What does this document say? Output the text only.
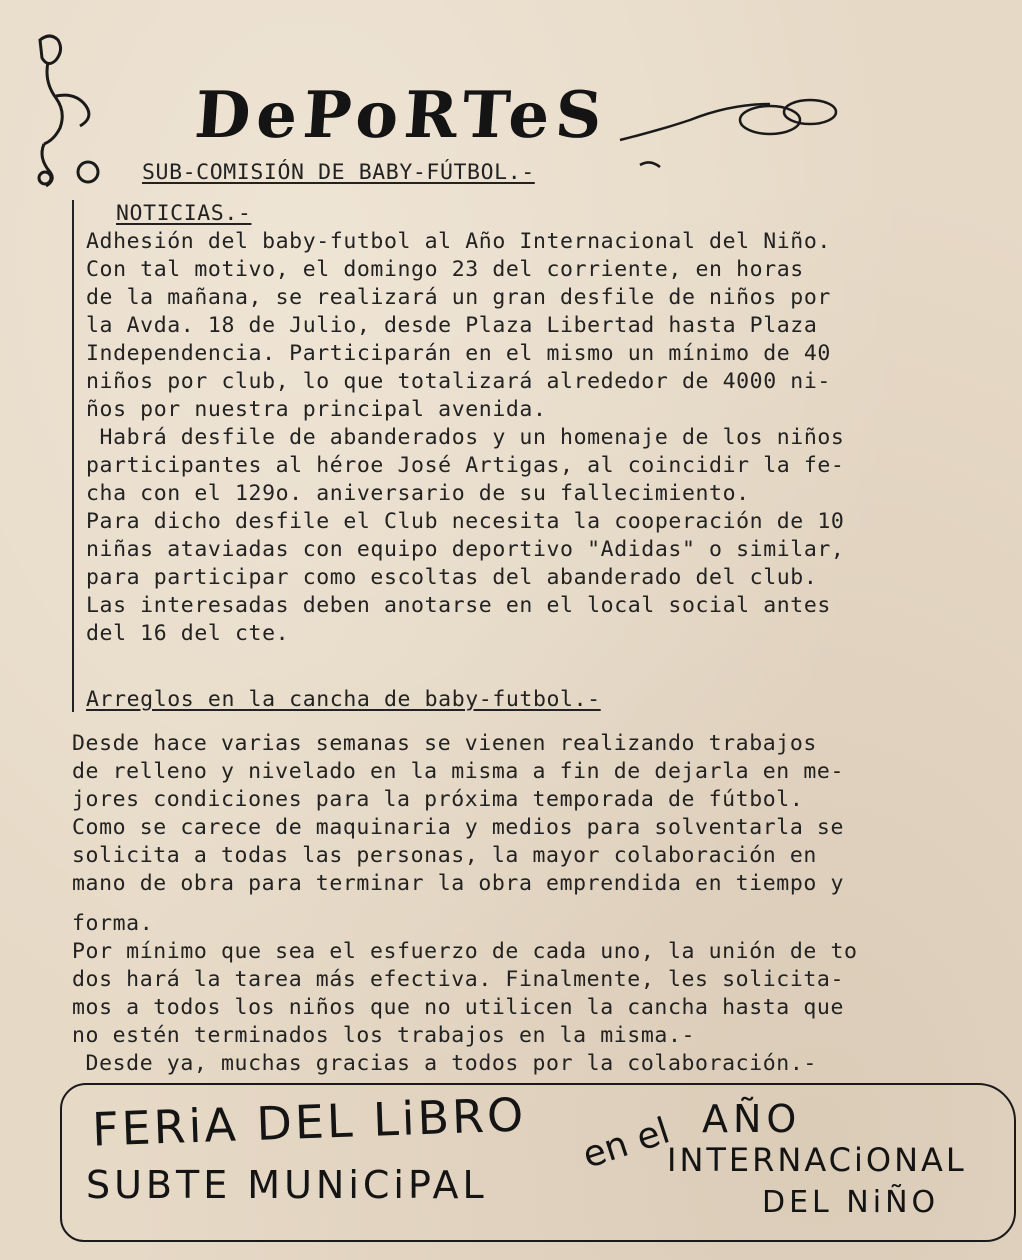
DePoRTeS
SUB-COMISIÓN DE BABY-FÚTBOL.-
NOTICIAS.-
Adhesión del baby-futbol al Año Internacional del Niño.
Con tal motivo, el domingo 23 del corriente, en horas
de la mañana, se realizará un gran desfile de niños por
la Avda. 18 de Julio, desde Plaza Libertad hasta Plaza
Independencia. Participarán en el mismo un mínimo de 40
niños por club, lo que totalizará alrededor de 4000 ni-
ños por nuestra principal avenida.
Habrá desfile de abanderados y un homenaje de los niños
participantes al héroe José Artigas, al coincidir la fe-
cha con el 129o. aniversario de su fallecimiento.
Para dicho desfile el Club necesita la cooperación de 10
niñas ataviadas con equipo deportivo "Adidas" o similar,
para participar como escoltas del abanderado del club.
Las interesadas deben anotarse en el local social antes
del 16 del cte.
Arreglos en la cancha de baby-futbol.-
Desde hace varias semanas se vienen realizando trabajos
de relleno y nivelado en la misma a fin de dejarla en me-
jores condiciones para la próxima temporada de fútbol.
Como se carece de maquinaria y medios para solventarla se
solicita a todas las personas, la mayor colaboración en
mano de obra para terminar la obra emprendida en tiempo y
forma.
Por mínimo que sea el esfuerzo de cada uno, la unión de to
dos hará la tarea más efectiva. Finalmente, les solicita-
mos a todos los niños que no utilicen la cancha hasta que
no estén terminados los trabajos en la misma.-
Desde ya, muchas gracias a todos por la colaboración.-
FERiA DEL LiBRO
SUBTE MUNiCiPAL
en el AÑO
INTERNACiONAL
DEL NiÑO
